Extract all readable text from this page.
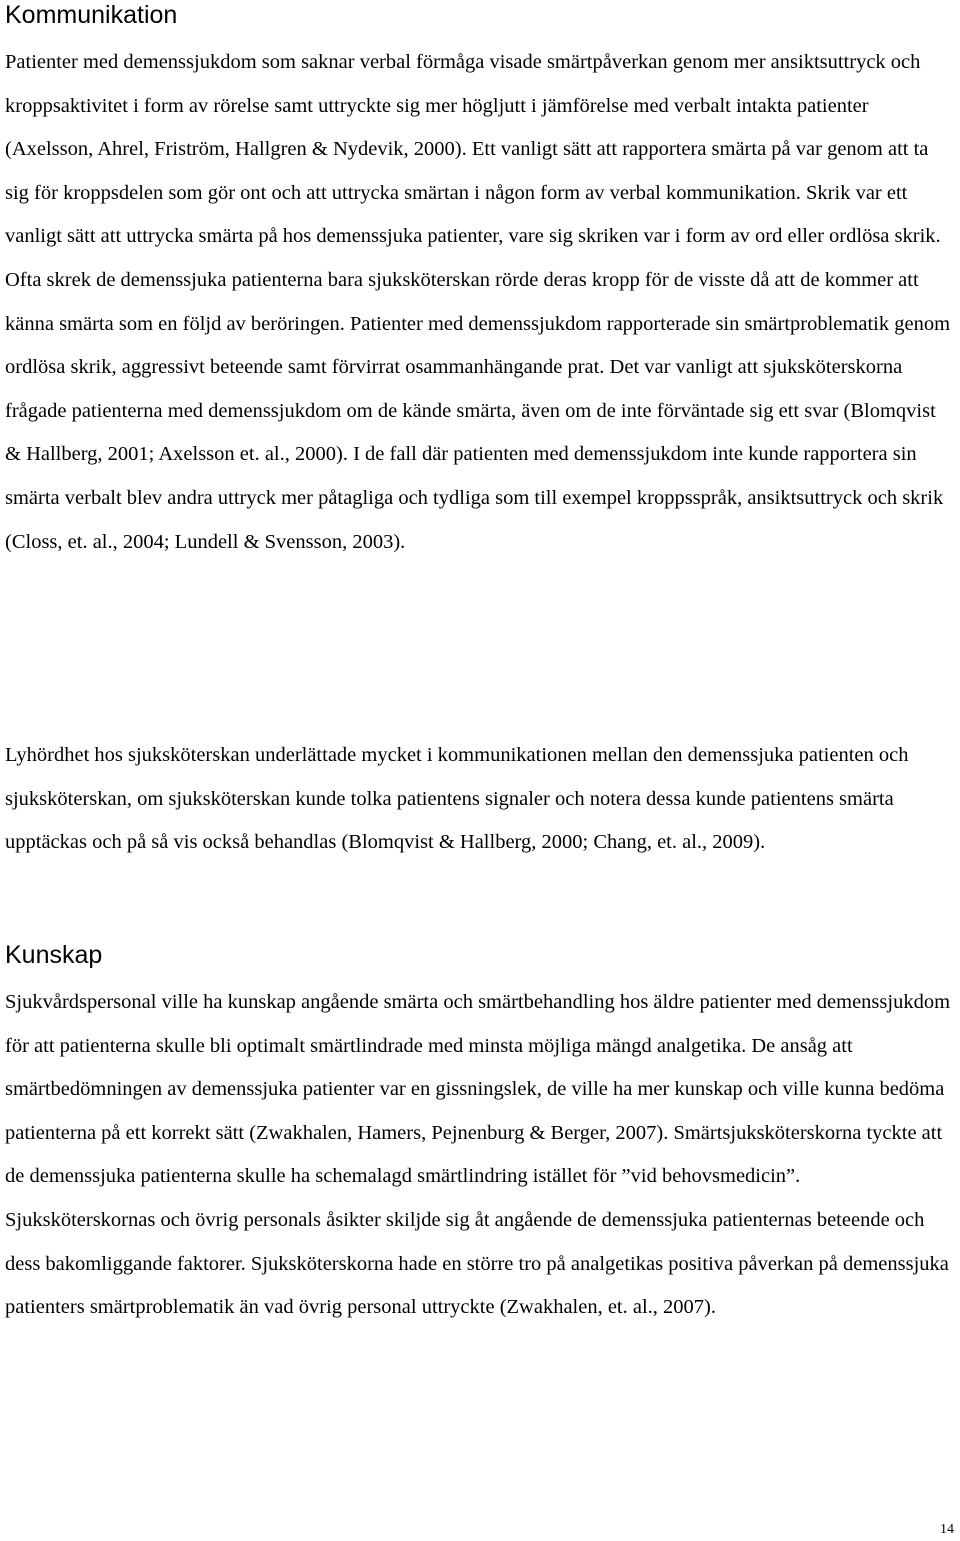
Kommunikation

Patienter med demenssjukdom som saknar verbal förmåga visade smärtpåverkan genom mer ansiktsuttryck och kroppsaktivitet i form av rörelse samt uttryckte sig mer högljutt i jämförelse med verbalt intakta patienter (Axelsson, Ahrel, Friström, Hallgren & Nydevik, 2000). Ett vanligt sätt att rapportera smärta på var genom att ta sig för kroppsdelen som gör ont och att uttrycka smärtan i någon form av verbal kommunikation. Skrik var ett vanligt sätt att uttrycka smärta på hos demenssjuka patienter, vare sig skriken var i form av ord eller ordlösa skrik. Ofta skrek de demenssjuka patienterna bara sjuksköterskan rörde deras kropp för de visste då att de kommer att känna smärta som en följd av beröringen. Patienter med demenssjukdom rapporterade sin smärtproblematik genom ordlösa skrik, aggressivt beteende samt förvirrat osammanhängande prat. Det var vanligt att sjuksköterskorna frågade patienterna med demenssjukdom om de kände smärta, även om de inte förväntade sig ett svar (Blomqvist & Hallberg, 2001; Axelsson et. al., 2000). I de fall där patienten med demenssjukdom inte kunde rapportera sin smärta verbalt blev andra uttryck mer påtagliga och tydliga som till exempel kroppsspråk, ansiktsuttryck och skrik (Closs, et. al., 2004; Lundell & Svensson, 2003).

Lyhördhet hos sjuksköterskan underlättade mycket i kommunikationen mellan den demenssjuka patienten och sjuksköterskan, om sjuksköterskan kunde tolka patientens signaler och notera dessa kunde patientens smärta upptäckas och på så vis också behandlas (Blomqvist & Hallberg, 2000; Chang, et. al., 2009).

Kunskap

Sjukvårdspersonal ville ha kunskap angående smärta och smärtbehandling hos äldre patienter med demenssjukdom för att patienterna skulle bli optimalt smärtlindrade med minsta möjliga mängd analgetika. De ansåg att smärtbedömningen av demenssjuka patienter var en gissningslek, de ville ha mer kunskap och ville kunna bedöma patienterna på ett korrekt sätt (Zwakhalen, Hamers, Pejnenburg & Berger, 2007). Smärtsjuksköterskorna tyckte att de demenssjuka patienterna skulle ha schemalagd smärtlindring istället för ”vid behovsmedicin”. Sjuksköterskornas och övrig personals åsikter skiljde sig åt angående de demenssjuka patienternas beteende och dess bakomliggande faktorer. Sjuksköterskorna hade en större tro på analgetikas positiva påverkan på demenssjuka patienters smärtproblematik än vad övrig personal uttryckte (Zwakhalen, et. al., 2007).

14
